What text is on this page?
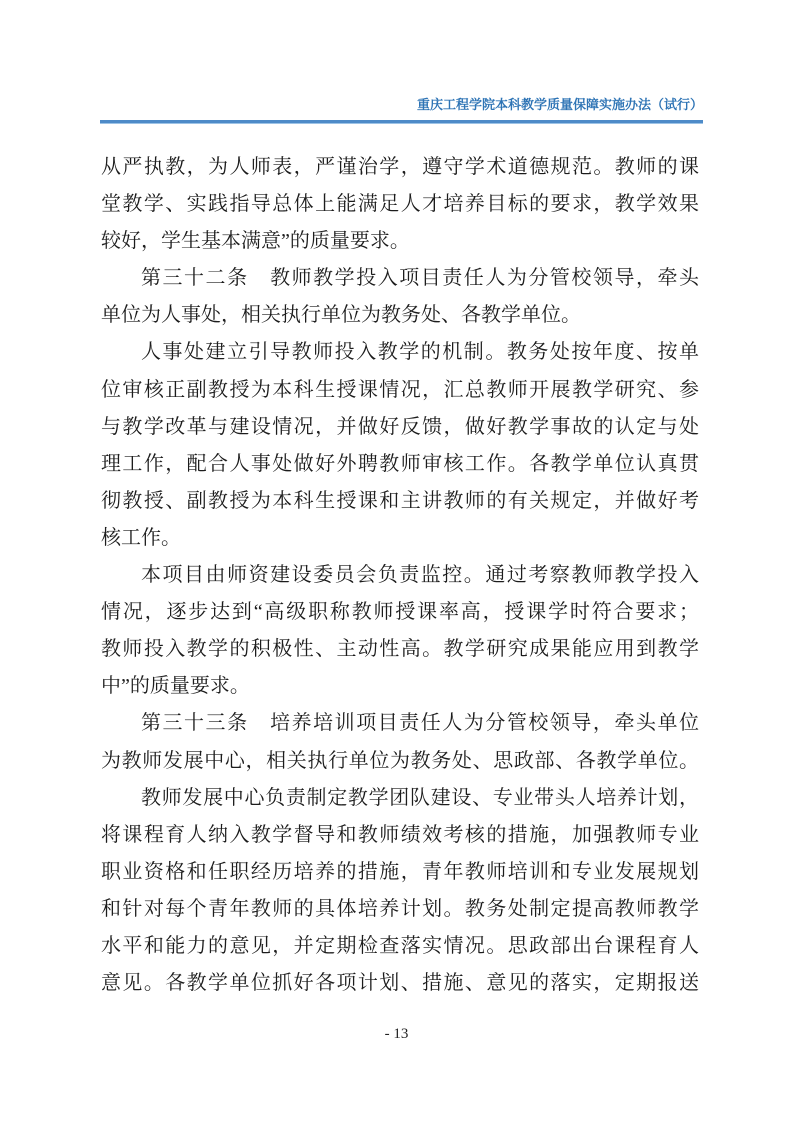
重庆工程学院本科教学质量保障实施办法（试行）
从严执教，为人师表，严谨治学，遵守学术道德规范。教师的课
堂教学、实践指导总体上能满足人才培养目标的要求，教学效果
较好，学生基本满意”的质量要求。
第三十二条　教师教学投入项目责任人为分管校领导，牵头
单位为人事处，相关执行单位为教务处、各教学单位。
人事处建立引导教师投入教学的机制。教务处按年度、按单
位审核正副教授为本科生授课情况，汇总教师开展教学研究、参
与教学改革与建设情况，并做好反馈，做好教学事故的认定与处
理工作，配合人事处做好外聘教师审核工作。各教学单位认真贯
彻教授、副教授为本科生授课和主讲教师的有关规定，并做好考
核工作。
本项目由师资建设委员会负责监控。通过考察教师教学投入
情况，逐步达到“高级职称教师授课率高，授课学时符合要求；
教师投入教学的积极性、主动性高。教学研究成果能应用到教学
中”的质量要求。
第三十三条　培养培训项目责任人为分管校领导，牵头单位
为教师发展中心，相关执行单位为教务处、思政部、各教学单位。
教师发展中心负责制定教学团队建设、专业带头人培养计划，
将课程育人纳入教学督导和教师绩效考核的措施，加强教师专业
职业资格和任职经历培养的措施，青年教师培训和专业发展规划
和针对每个青年教师的具体培养计划。教务处制定提高教师教学
水平和能力的意见，并定期检查落实情况。思政部出台课程育人
意见。各教学单位抓好各项计划、措施、意见的落实，定期报送
- 13
